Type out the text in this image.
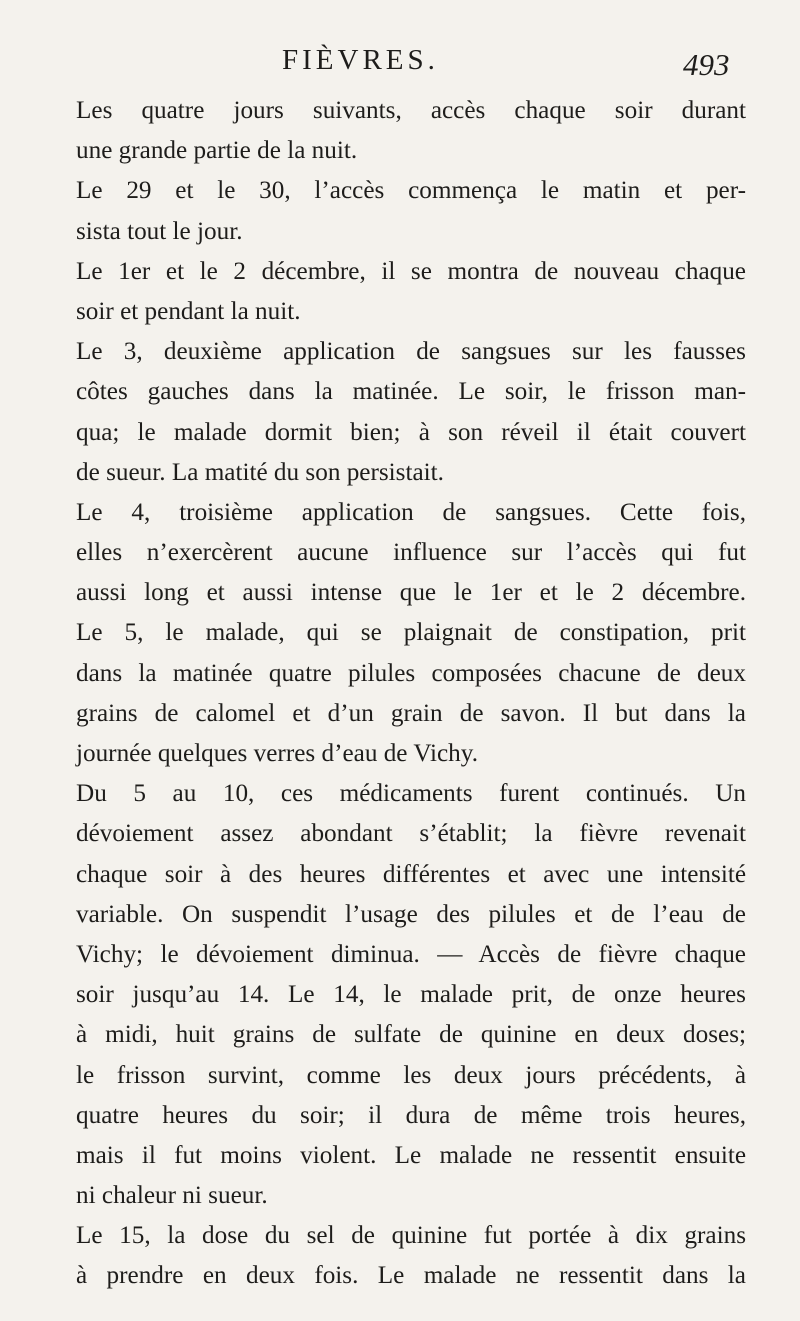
FIÈVRES.	493
Les quatre jours suivants, accès chaque soir durant
une grande partie de la nuit.
Le 29 et le 30, l’accès commença le matin et per-
sista tout le jour.
Le 1er et le 2 décembre, il se montra de nouveau chaque
soir et pendant la nuit.
Le 3, deuxième application de sangsues sur les fausses
côtes gauches dans la matinée. Le soir, le frisson man-
qua; le malade dormit bien; à son réveil il était couvert
de sueur. La matité du son persistait.
Le 4, troisième application de sangsues. Cette fois,
elles n’exercèrent aucune influence sur l’accès qui fut
aussi long et aussi intense que le 1er et le 2 décembre.
Le 5, le malade, qui se plaignait de constipation, prit
dans la matinée quatre pilules composées chacune de deux
grains de calomel et d’un grain de savon. Il but dans la
journée quelques verres d’eau de Vichy.
Du 5 au 10, ces médicaments furent continués. Un
dévoiement assez abondant s’établit; la fièvre revenait
chaque soir à des heures différentes et avec une intensité
variable. On suspendit l’usage des pilules et de l’eau de
Vichy; le dévoiement diminua. — Accès de fièvre chaque
soir jusqu’au 14. Le 14, le malade prit, de onze heures
à midi, huit grains de sulfate de quinine en deux doses;
le frisson survint, comme les deux jours précédents, à
quatre heures du soir; il dura de même trois heures,
mais il fut moins violent. Le malade ne ressentit ensuite
ni chaleur ni sueur.
Le 15, la dose du sel de quinine fut portée à dix grains
à prendre en deux fois. Le malade ne ressentit dans la
